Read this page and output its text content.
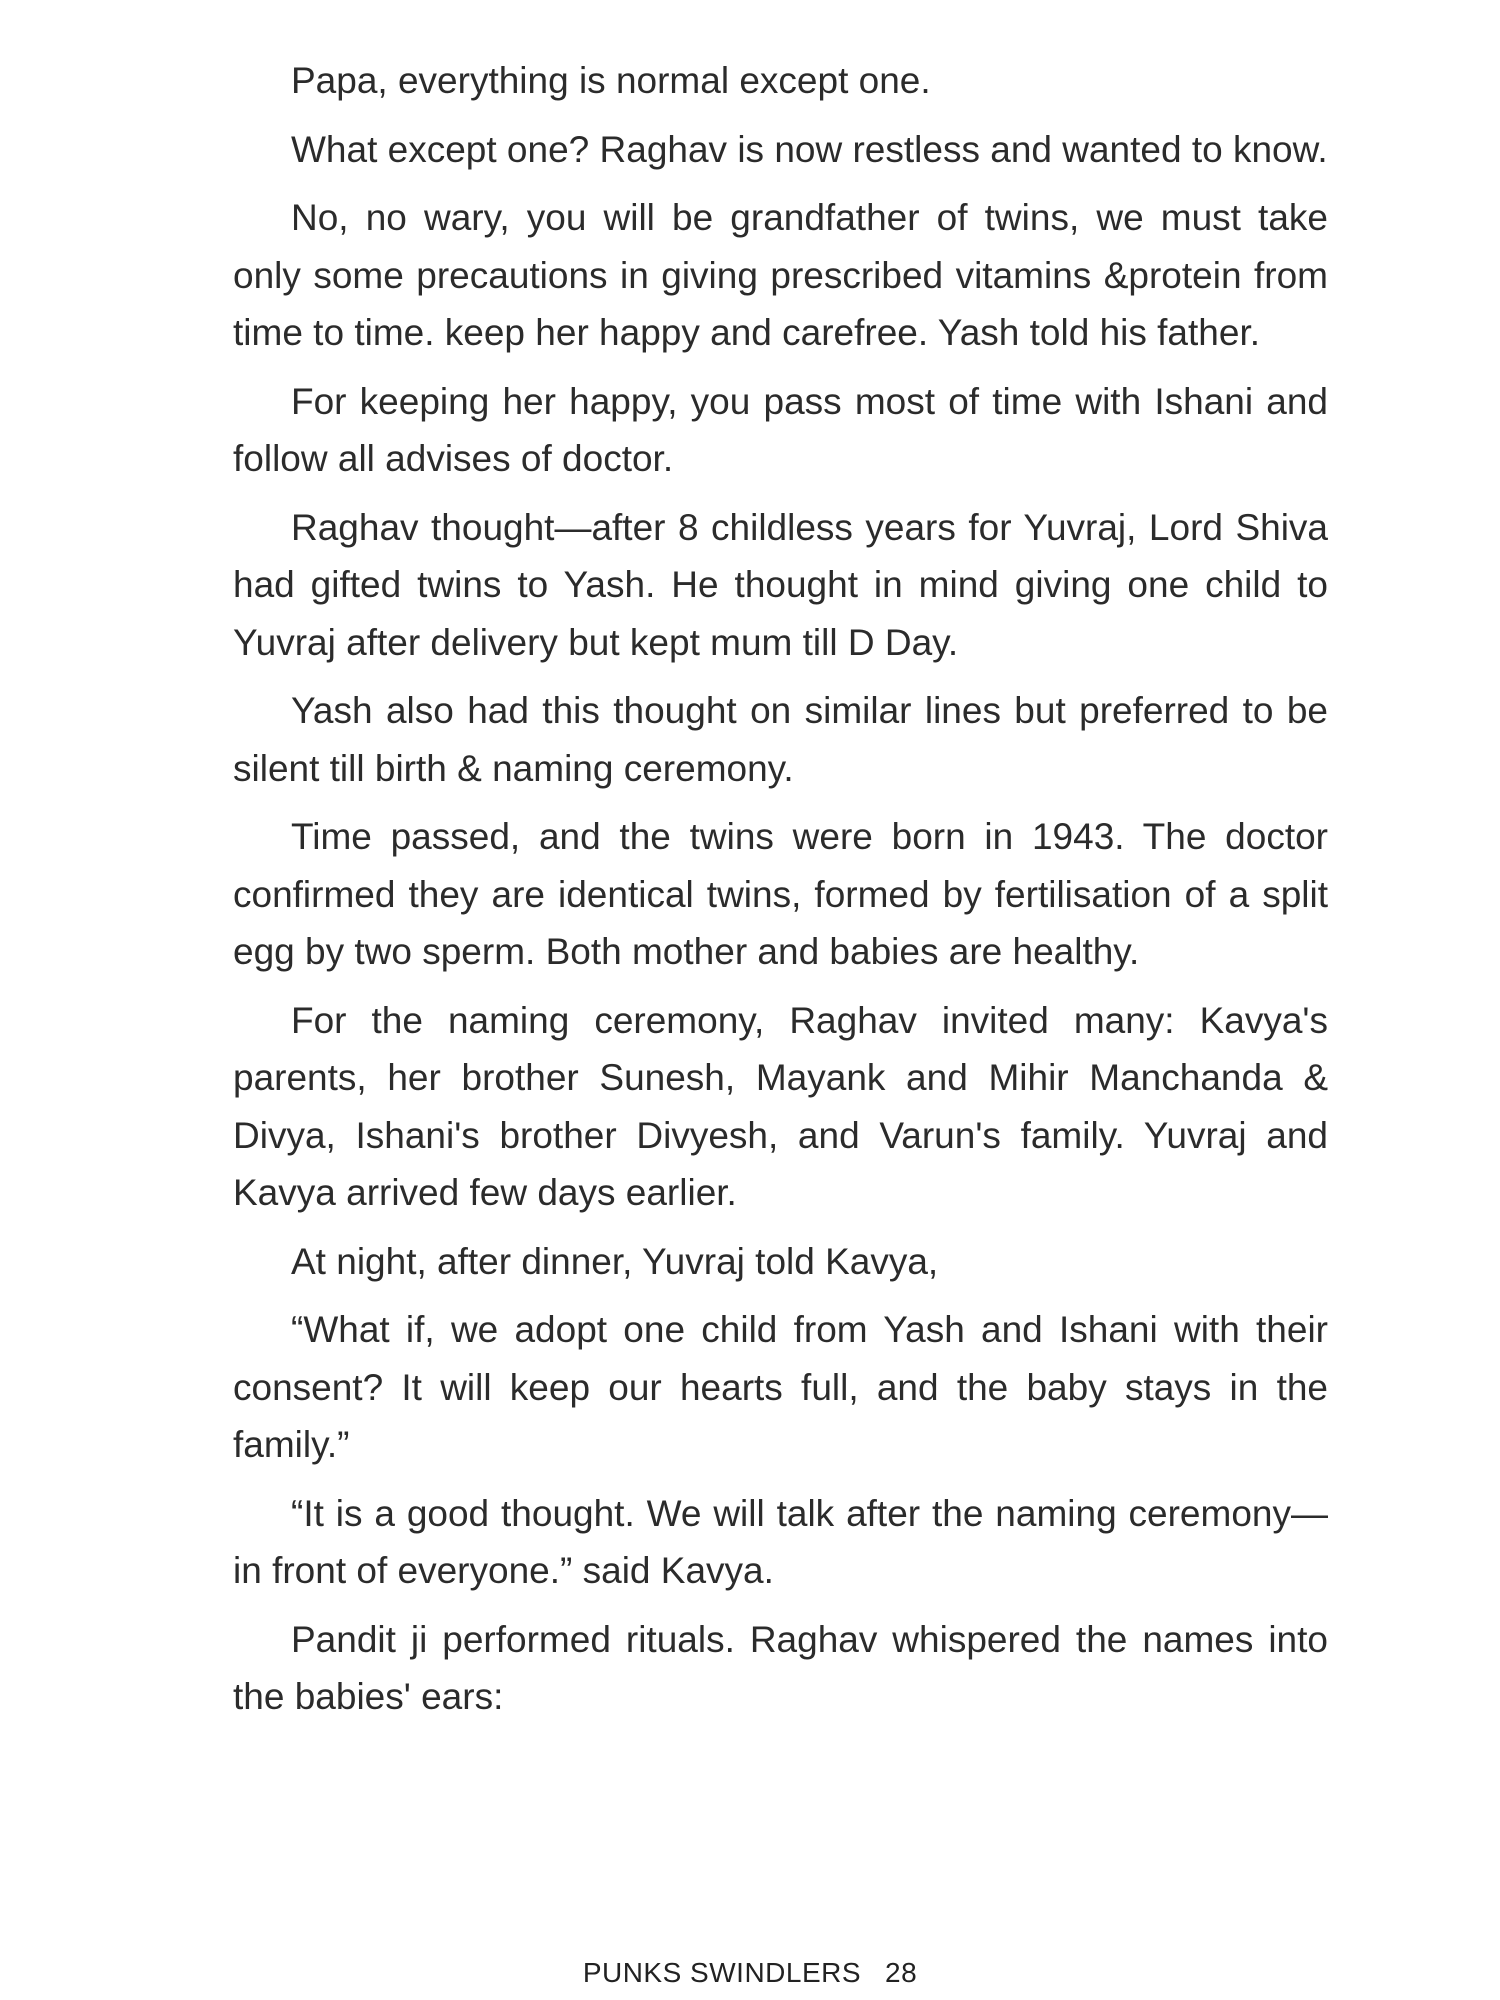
Papa, everything is normal except one.

What except one? Raghav is now restless and wanted to know.

No, no wary, you will be grandfather of twins, we must take only some precautions in giving prescribed vitamins &protein from time to time. keep her happy and carefree. Yash told his father.

For keeping her happy, you pass most of time with Ishani and follow all advises of doctor.

Raghav thought—after 8 childless years for Yuvraj, Lord Shiva had gifted twins to Yash. He thought in mind giving one child to Yuvraj after delivery but kept mum till D Day.

Yash also had this thought on similar lines but preferred to be silent till birth & naming ceremony.

Time passed, and the twins were born in 1943. The doctor confirmed they are identical twins, formed by fertilisation of a split egg by two sperm. Both mother and babies are healthy.

For the naming ceremony, Raghav invited many: Kavya's parents, her brother Sunesh, Mayank and Mihir Manchanda & Divya, Ishani's brother Divyesh, and Varun's family. Yuvraj and Kavya arrived few days earlier.

At night, after dinner, Yuvraj told Kavya,

“What if, we adopt one child from Yash and Ishani with their consent? It will keep our hearts full, and the baby stays in the family.”

“It is a good thought. We will talk after the naming ceremony—in front of everyone.” said Kavya.

Pandit ji performed rituals. Raghav whispered the names into the babies' ears:

PUNKS SWINDLERS 28
